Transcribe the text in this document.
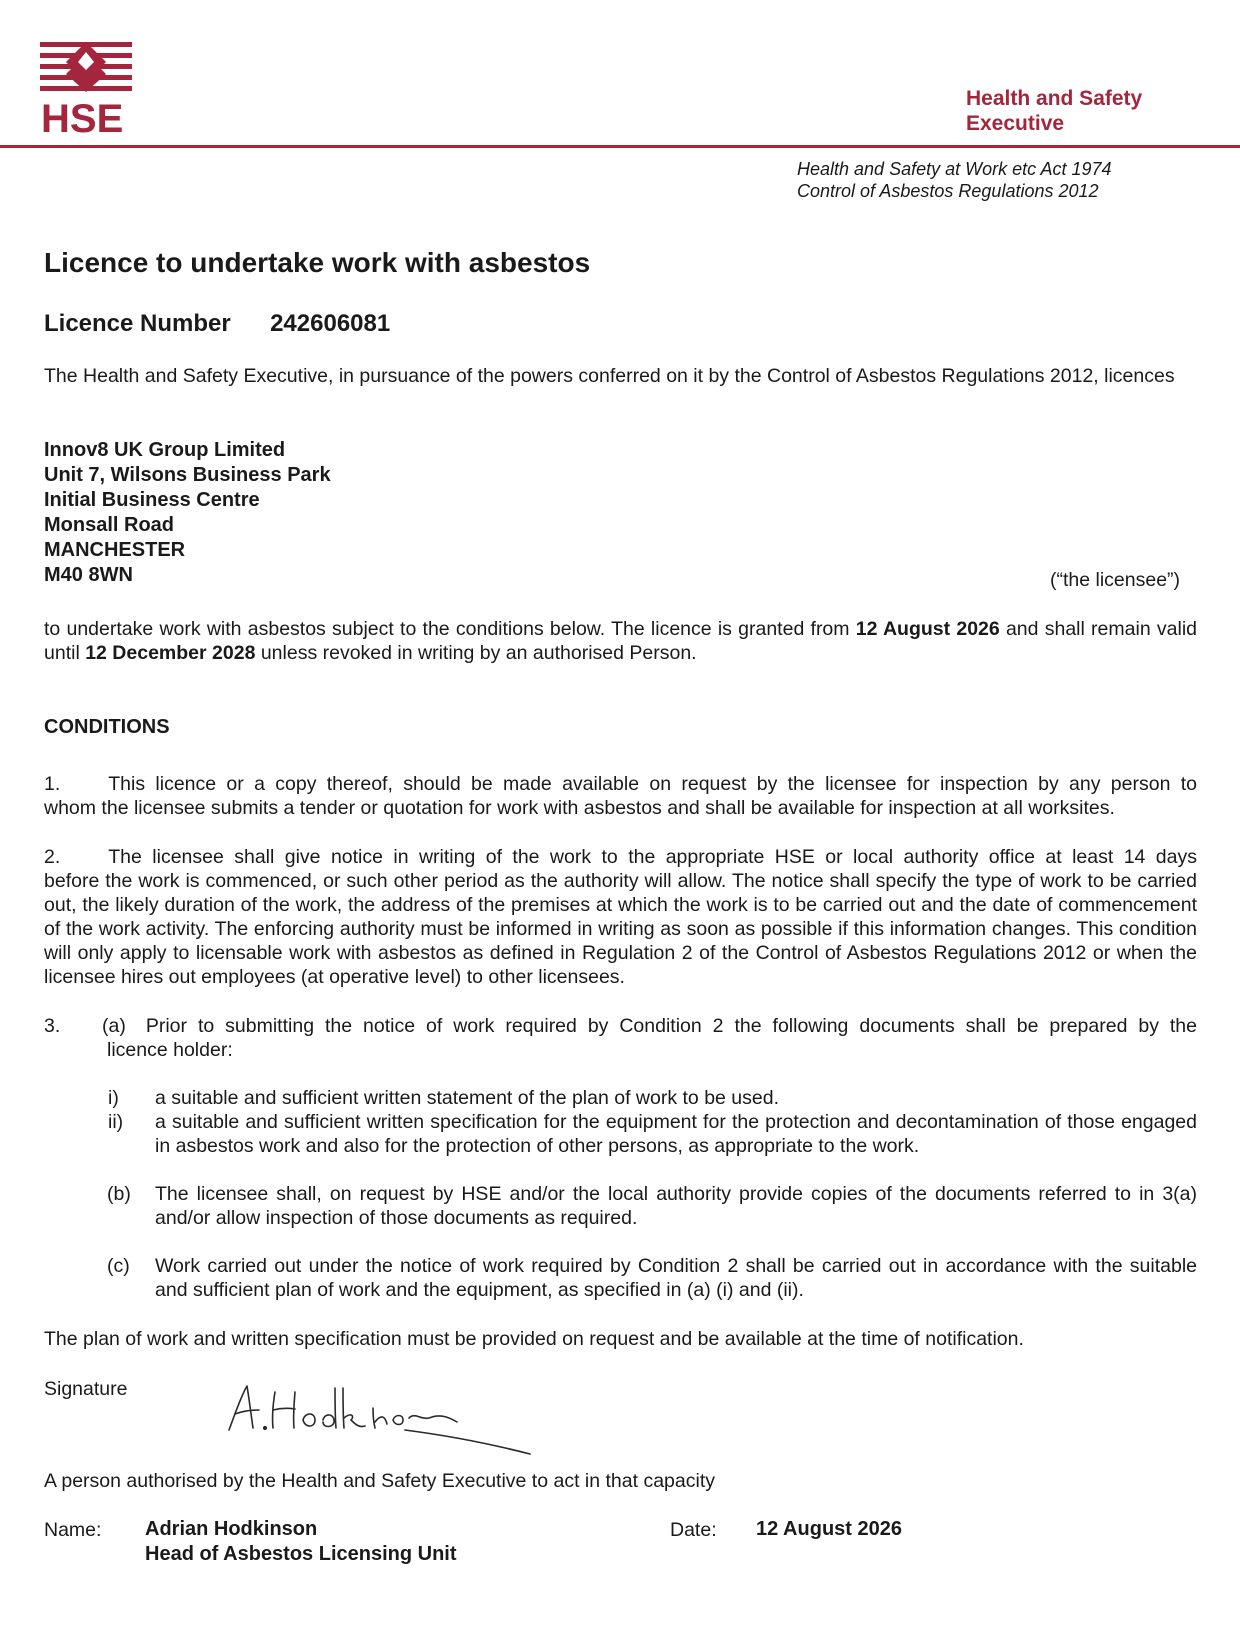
HSE	Health and Safety
Executive
Health and Safety at Work etc Act 1974
Control of Asbestos Regulations 2012
Licence to undertake work with asbestos
Licence Number 242606081
The Health and Safety Executive, in pursuance of the powers conferred on it by the Control of Asbestos Regulations 2012, licences
Innov8 UK Group Limited
Unit 7, Wilsons Business Park
Initial Business Centre
Monsall Road
MANCHESTER
M40 8WN	(“the licensee”)
to undertake work with asbestos subject to the conditions below. The licence is granted from 12 August 2026 and shall remain valid until 12 December 2028 unless revoked in writing by an authorised Person.
CONDITIONS
1. This licence or a copy thereof, should be made available on request by the licensee for inspection by any person to
whom the licensee submits a tender or quotation for work with asbestos and shall be available for inspection at all worksites.
2. The licensee shall give notice in writing of the work to the appropriate HSE or local authority office at least 14 days
before the work is commenced, or such other period as the authority will allow. The notice shall specify the type of work to be carried out, the likely duration of the work, the address of the premises at which the work is to be carried out and the date of commencement of the work activity. The enforcing authority must be informed in writing as soon as possible if this information changes. This condition will only apply to licensable work with asbestos as defined in Regulation 2 of the Control of Asbestos Regulations 2012 or when the licensee hires out employees (at operative level) to other licensees.
3. (a) Prior to submitting the notice of work required by Condition 2 the following documents shall be prepared by the
licence holder:
i) a suitable and sufficient written statement of the plan of work to be used.
ii) a suitable and sufficient written specification for the equipment for the protection and decontamination of those engaged in asbestos work and also for the protection of other persons, as appropriate to the work.
(b) The licensee shall, on request by HSE and/or the local authority provide copies of the documents referred to in 3(a) and/or allow inspection of those documents as required.
(c) Work carried out under the notice of work required by Condition 2 shall be carried out in accordance with the suitable and sufficient plan of work and the equipment, as specified in (a) (i) and (ii).
The plan of work and written specification must be provided on request and be available at the time of notification.
Signature
A person authorised by the Health and Safety Executive to act in that capacity
Name: Adrian Hodkinson
Head of Asbestos Licensing Unit
Date: 12 August 2026
